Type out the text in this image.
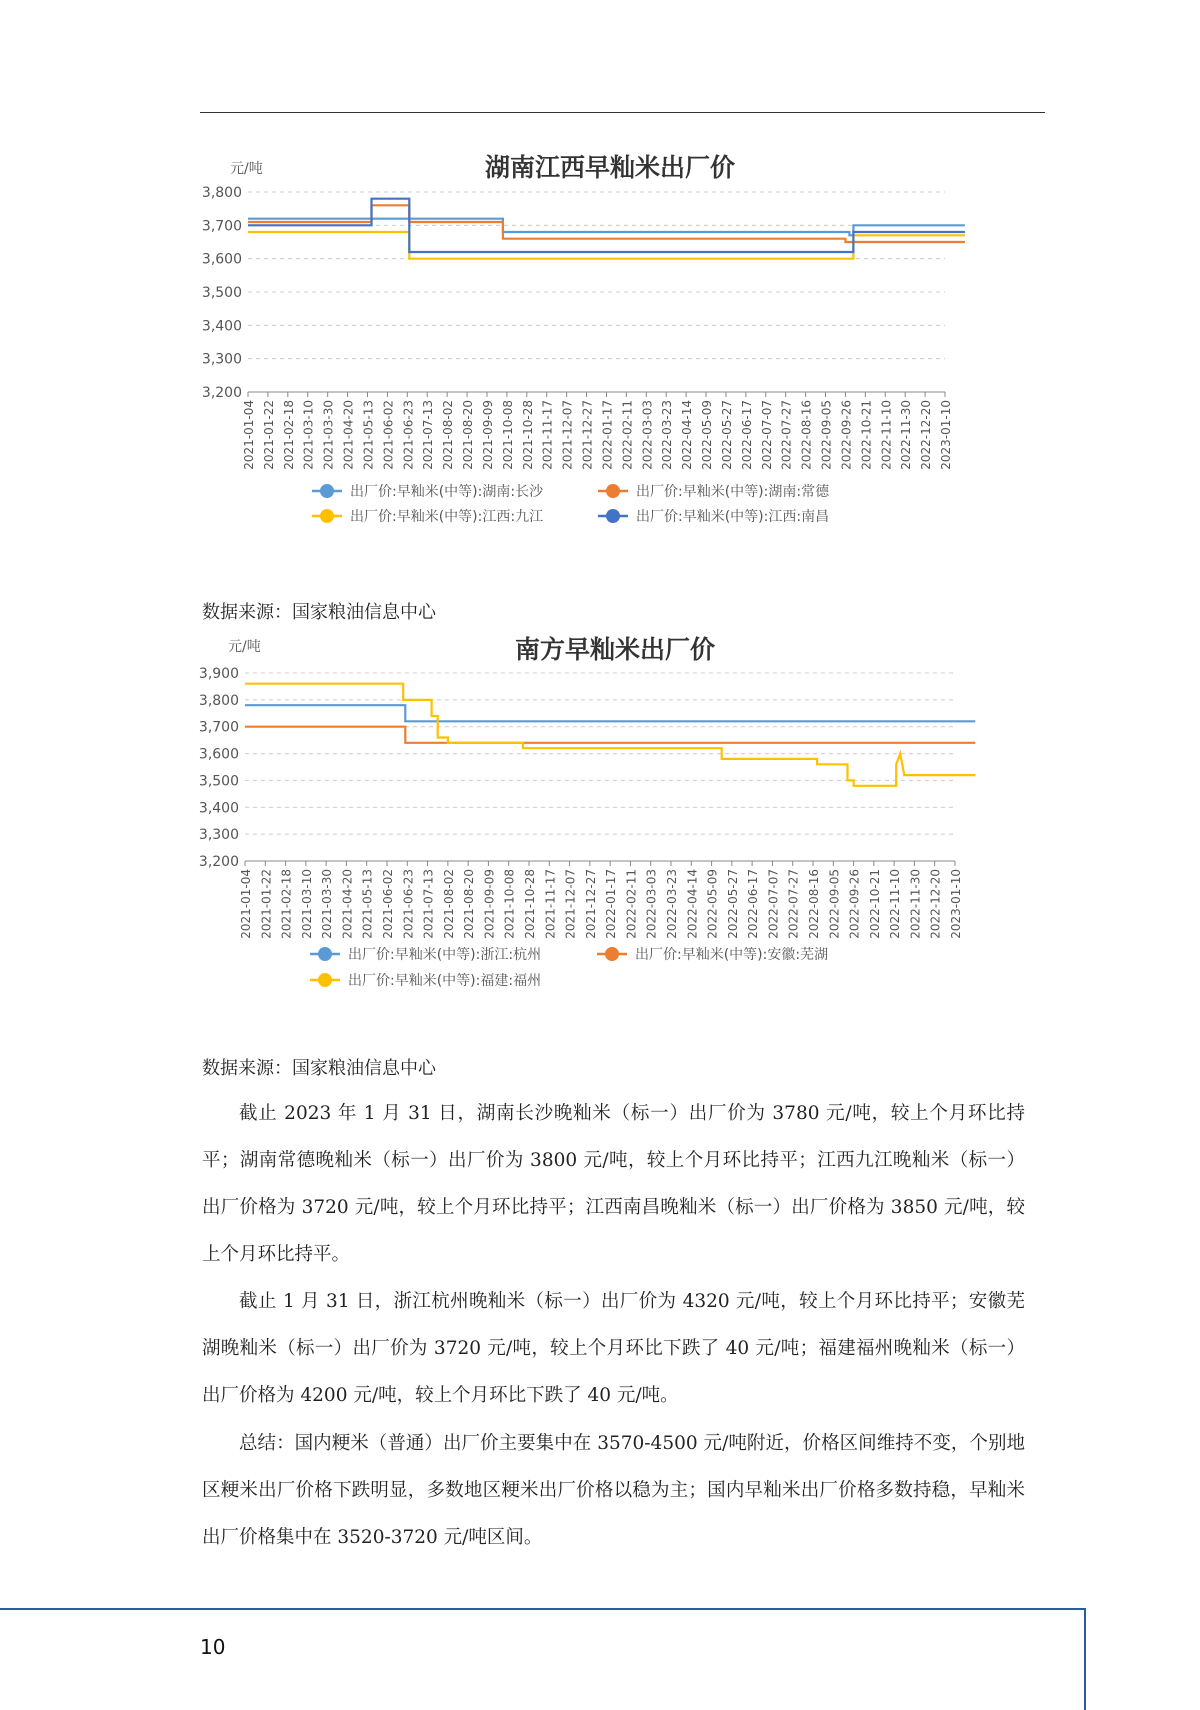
湖南江西早籼米出厂价
元/吨
3,200
3,300
3,400
3,500
3,600
3,700
3,800
2021-01-04 2021-01-22 2021-02-18 2021-03-10 2021-03-30 2021-04-20 2021-05-13 2021-06-02 2021-06-23 2021-07-13 2021-08-02 2021-08-20 2021-09-09 2021-10-08 2021-10-28 2021-11-17 2021-12-07 2021-12-27 2022-01-17 2022-02-11 2022-03-03 2022-03-23 2022-04-14 2022-05-09 2022-05-27 2022-06-17 2022-07-07 2022-07-27 2022-08-16 2022-09-05 2022-09-26 2022-10-21 2022-11-10 2022-11-30 2022-12-20 2023-01-10
出厂价:早籼米(中等):湖南:长沙	出厂价:早籼米(中等):湖南:常德
出厂价:早籼米(中等):江西:九江	出厂价:早籼米(中等):江西:南昌
数据来源：国家粮油信息中心
南方早籼米出厂价
元/吨
3,200
3,300
3,400
3,500
3,600
3,700
3,800
3,900
2021-01-04 2021-01-22 2021-02-18 2021-03-10 2021-03-30 2021-04-20 2021-05-13 2021-06-02 2021-06-23 2021-07-13 2021-08-02 2021-08-20 2021-09-09 2021-10-08 2021-10-28 2021-11-17 2021-12-07 2021-12-27 2022-01-17 2022-02-11 2022-03-03 2022-03-23 2022-04-14 2022-05-09 2022-05-27 2022-06-17 2022-07-07 2022-07-27 2022-08-16 2022-09-05 2022-09-26 2022-10-21 2022-11-10 2022-11-30 2022-12-20 2023-01-10
出厂价:早籼米(中等):浙江:杭州	出厂价:早籼米(中等):安徽:芜湖
出厂价:早籼米(中等):福建:福州
数据来源：国家粮油信息中心

截止 2023 年 1 月 31 日，湖南长沙晚籼米（标一）出厂价为 3780 元/吨，较上个月环比持平；湖南常德晚籼米（标一）出厂价为 3800 元/吨，较上个月环比持平；江西九江晚籼米（标一）出厂价格为 3720 元/吨，较上个月环比持平；江西南昌晚籼米（标一）出厂价格为 3850 元/吨，较上个月环比持平。

截止 1 月 31 日，浙江杭州晚籼米（标一）出厂价为 4320 元/吨，较上个月环比持平；安徽芜湖晚籼米（标一）出厂价为 3720 元/吨，较上个月环比下跌了 40 元/吨；福建福州晚籼米（标一）出厂价格为 4200 元/吨，较上个月环比下跌了 40 元/吨。

总结：国内粳米（普通）出厂价主要集中在 3570-4500 元/吨附近，价格区间维持不变，个别地区粳米出厂价格下跌明显，多数地区粳米出厂价格以稳为主；国内早籼米出厂价格多数持稳，早籼米出厂价格集中在 3520-3720 元/吨区间。

10
